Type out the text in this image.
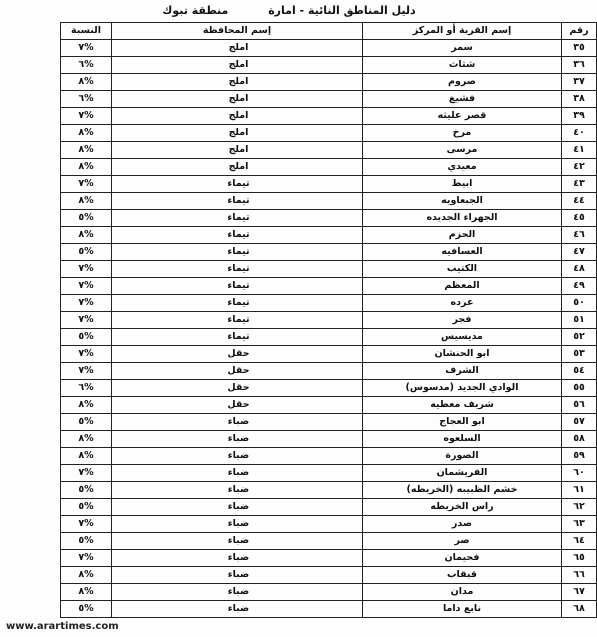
دليل المناطق النائية - امارة منطقة تبوك
رقم	إسم القرية أو المركز	إسم المحافظة	النسبة
٣٥	سمر	املج	%٧
٣٦	شثاث	املج	%٦
٣٧	صروم	املج	%٨
٣٨	فشيغ	املج	%٦
٣٩	قصر عليثه	املج	%٧
٤٠	مرخ	املج	%٨
٤١	مرسى	املج	%٨
٤٢	معيدي	املج	%٨
٤٣	ابيط	تيماء	%٧
٤٤	الجبعاويه	تيماء	%٨
٤٥	الجهراء الجديده	تيماء	%٥
٤٦	الحزم	تيماء	%٨
٤٧	العسافيه	تيماء	%٥
٤٨	الكتيب	تيماء	%٧
٤٩	المعظم	تيماء	%٧
٥٠	عرده	تيماء	%٧
٥١	فجر	تيماء	%٧
٥٢	مديسيس	تيماء	%٥
٥٣	ابو الحنشان	حقل	%٧
٥٤	الشرف	حقل	%٧
٥٥	الوادي الجديد (مدسوس)	حقل	%٦
٥٦	شريف معطيه	حقل	%٨
٥٧	ابو العجاج	ضباء	%٥
٥٨	السلعوه	ضباء	%٨
٥٩	الصورة	ضباء	%٨
٦٠	الفريشمان	ضباء	%٧
٦١	خشم الظبيبه (الخريطه)	ضباء	%٥
٦٢	راس الخريطه	ضباء	%٥
٦٣	صدر	ضباء	%٧
٦٤	صر	ضباء	%٥
٦٥	فحيمان	ضباء	%٧
٦٦	قبقاب	ضباء	%٨
٦٧	مدان	ضباء	%٨
٦٨	نابع داما	ضباء	%٥
www.arartimes.com
